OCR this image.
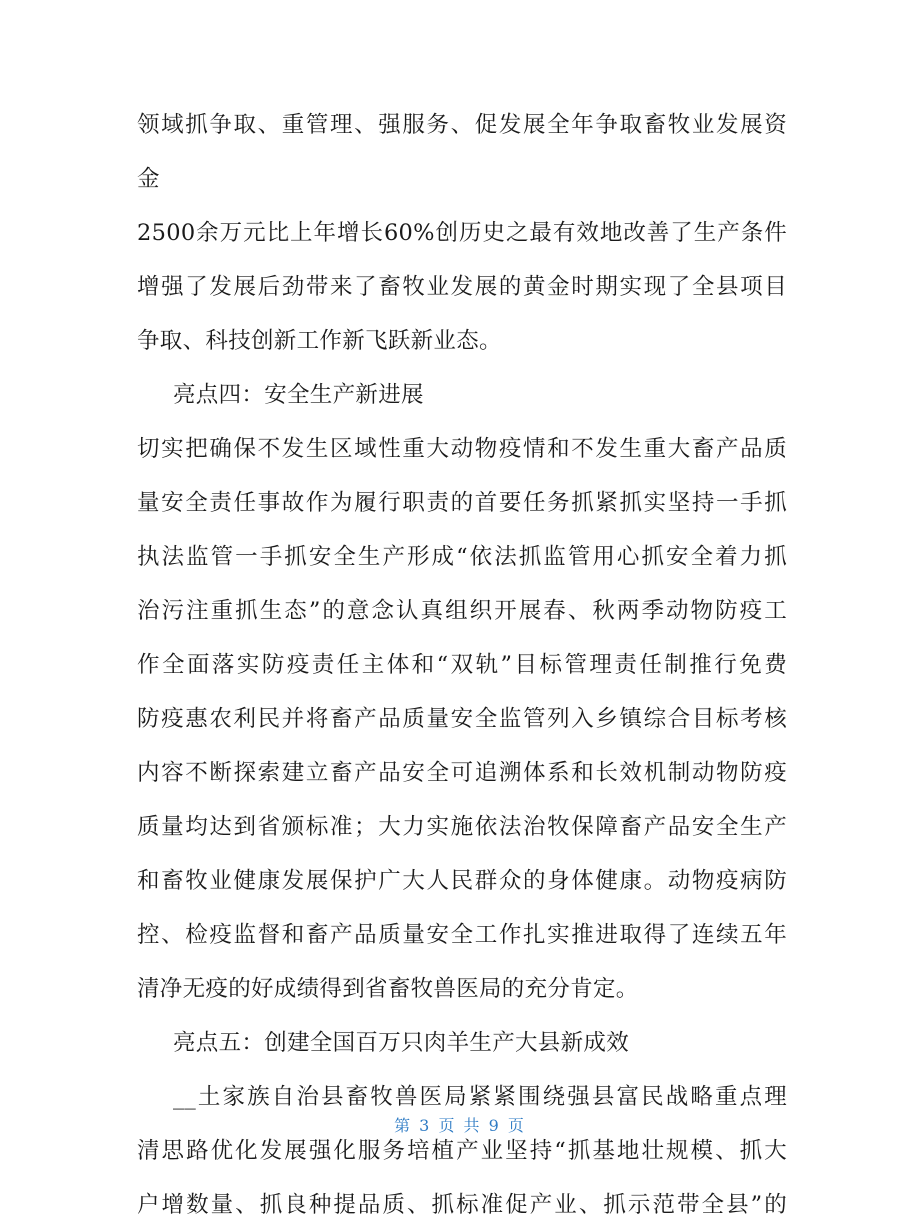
领域抓争取、重管理、强服务、促发展全年争取畜牧业发展资
金
2500余万元比上年增长60%创历史之最有效地改善了生产条件
增强了发展后劲带来了畜牧业发展的黄金时期实现了全县项目
争取、科技创新工作新飞跃新业态。
亮点四：安全生产新进展
切实把确保不发生区域性重大动物疫情和不发生重大畜产品质
量安全责任事故作为履行职责的首要任务抓紧抓实坚持一手抓
执法监管一手抓安全生产形成“依法抓监管用心抓安全着力抓
治污注重抓生态”的意念认真组织开展春、秋两季动物防疫工
作全面落实防疫责任主体和“双轨”目标管理责任制推行免费
防疫惠农利民并将畜产品质量安全监管列入乡镇综合目标考核
内容不断探索建立畜产品安全可追溯体系和长效机制动物防疫
质量均达到省颁标准；大力实施依法治牧保障畜产品安全生产
和畜牧业健康发展保护广大人民群众的身体健康。动物疫病防
控、检疫监督和畜产品质量安全工作扎实推进取得了连续五年
清净无疫的好成绩得到省畜牧兽医局的充分肯定。
亮点五：创建全国百万只肉羊生产大县新成效
__土家族自治县畜牧兽医局紧紧围绕强县富民战略重点理
清思路优化发展强化服务培植产业坚持“抓基地壮规模、抓大
户增数量、抓良种提品质、抓标准促产业、抓示范带全县”的
第 3 页 共 9 页
